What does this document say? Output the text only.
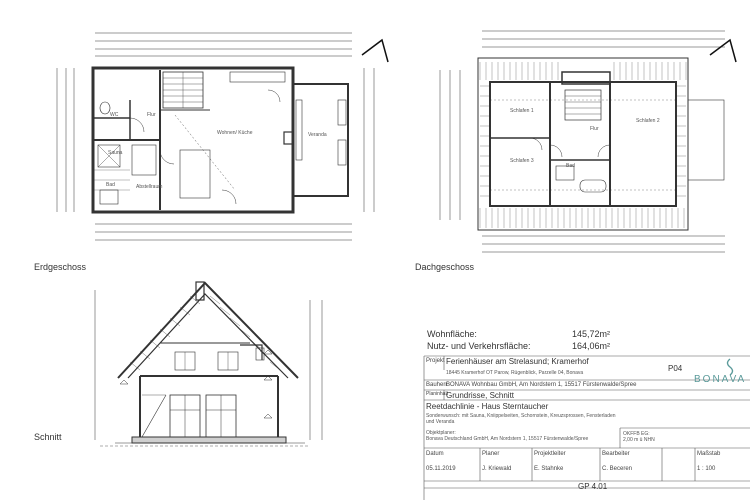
Erdgeschoss	Dachgeschoss
Schnitt
WC	Flur
Wohnen/ Küche	Veranda
Sauna
Bad	Abstellraum
Schlafen 1
Schlafen 3
Schlafen 2
Flur
Bad
Wohnfläche:	145,72m²
Nutz- und Verkehrsfläche:	164,06m²
Projekt Ferienhäuser am Strelasund; Kramerhof
18445 Kramerhof OT Parow, Rügenblick, Parzelle 04, Bonava	P04
BONAVA
Bauherr
BONAVA Wohnbau GmbH, Am Nordstern 1, 15517 Fürstenwalde/Spree
Planinhalt
Grundrisse, Schnitt
Reetdachlinie - Haus Sterntaucher
Sonderwunsch: mit Sauna, Kniippelseiten, Schornstein, Kreuzsprossen, Fensterladen
und Veranda
Objektplaner:
Bonava Deutschland GmbH, Am Nordstern 1, 15517 Fürstenwalde/Spree
OKFFB EG:
2,00 m ü NHN
Datum
05.11.2019
Planer
J. Kriewald
Projektleiter
E. Stahnke
Bearbeiter
C. Beceren
Maßstab
1 : 100
GP 4.01
